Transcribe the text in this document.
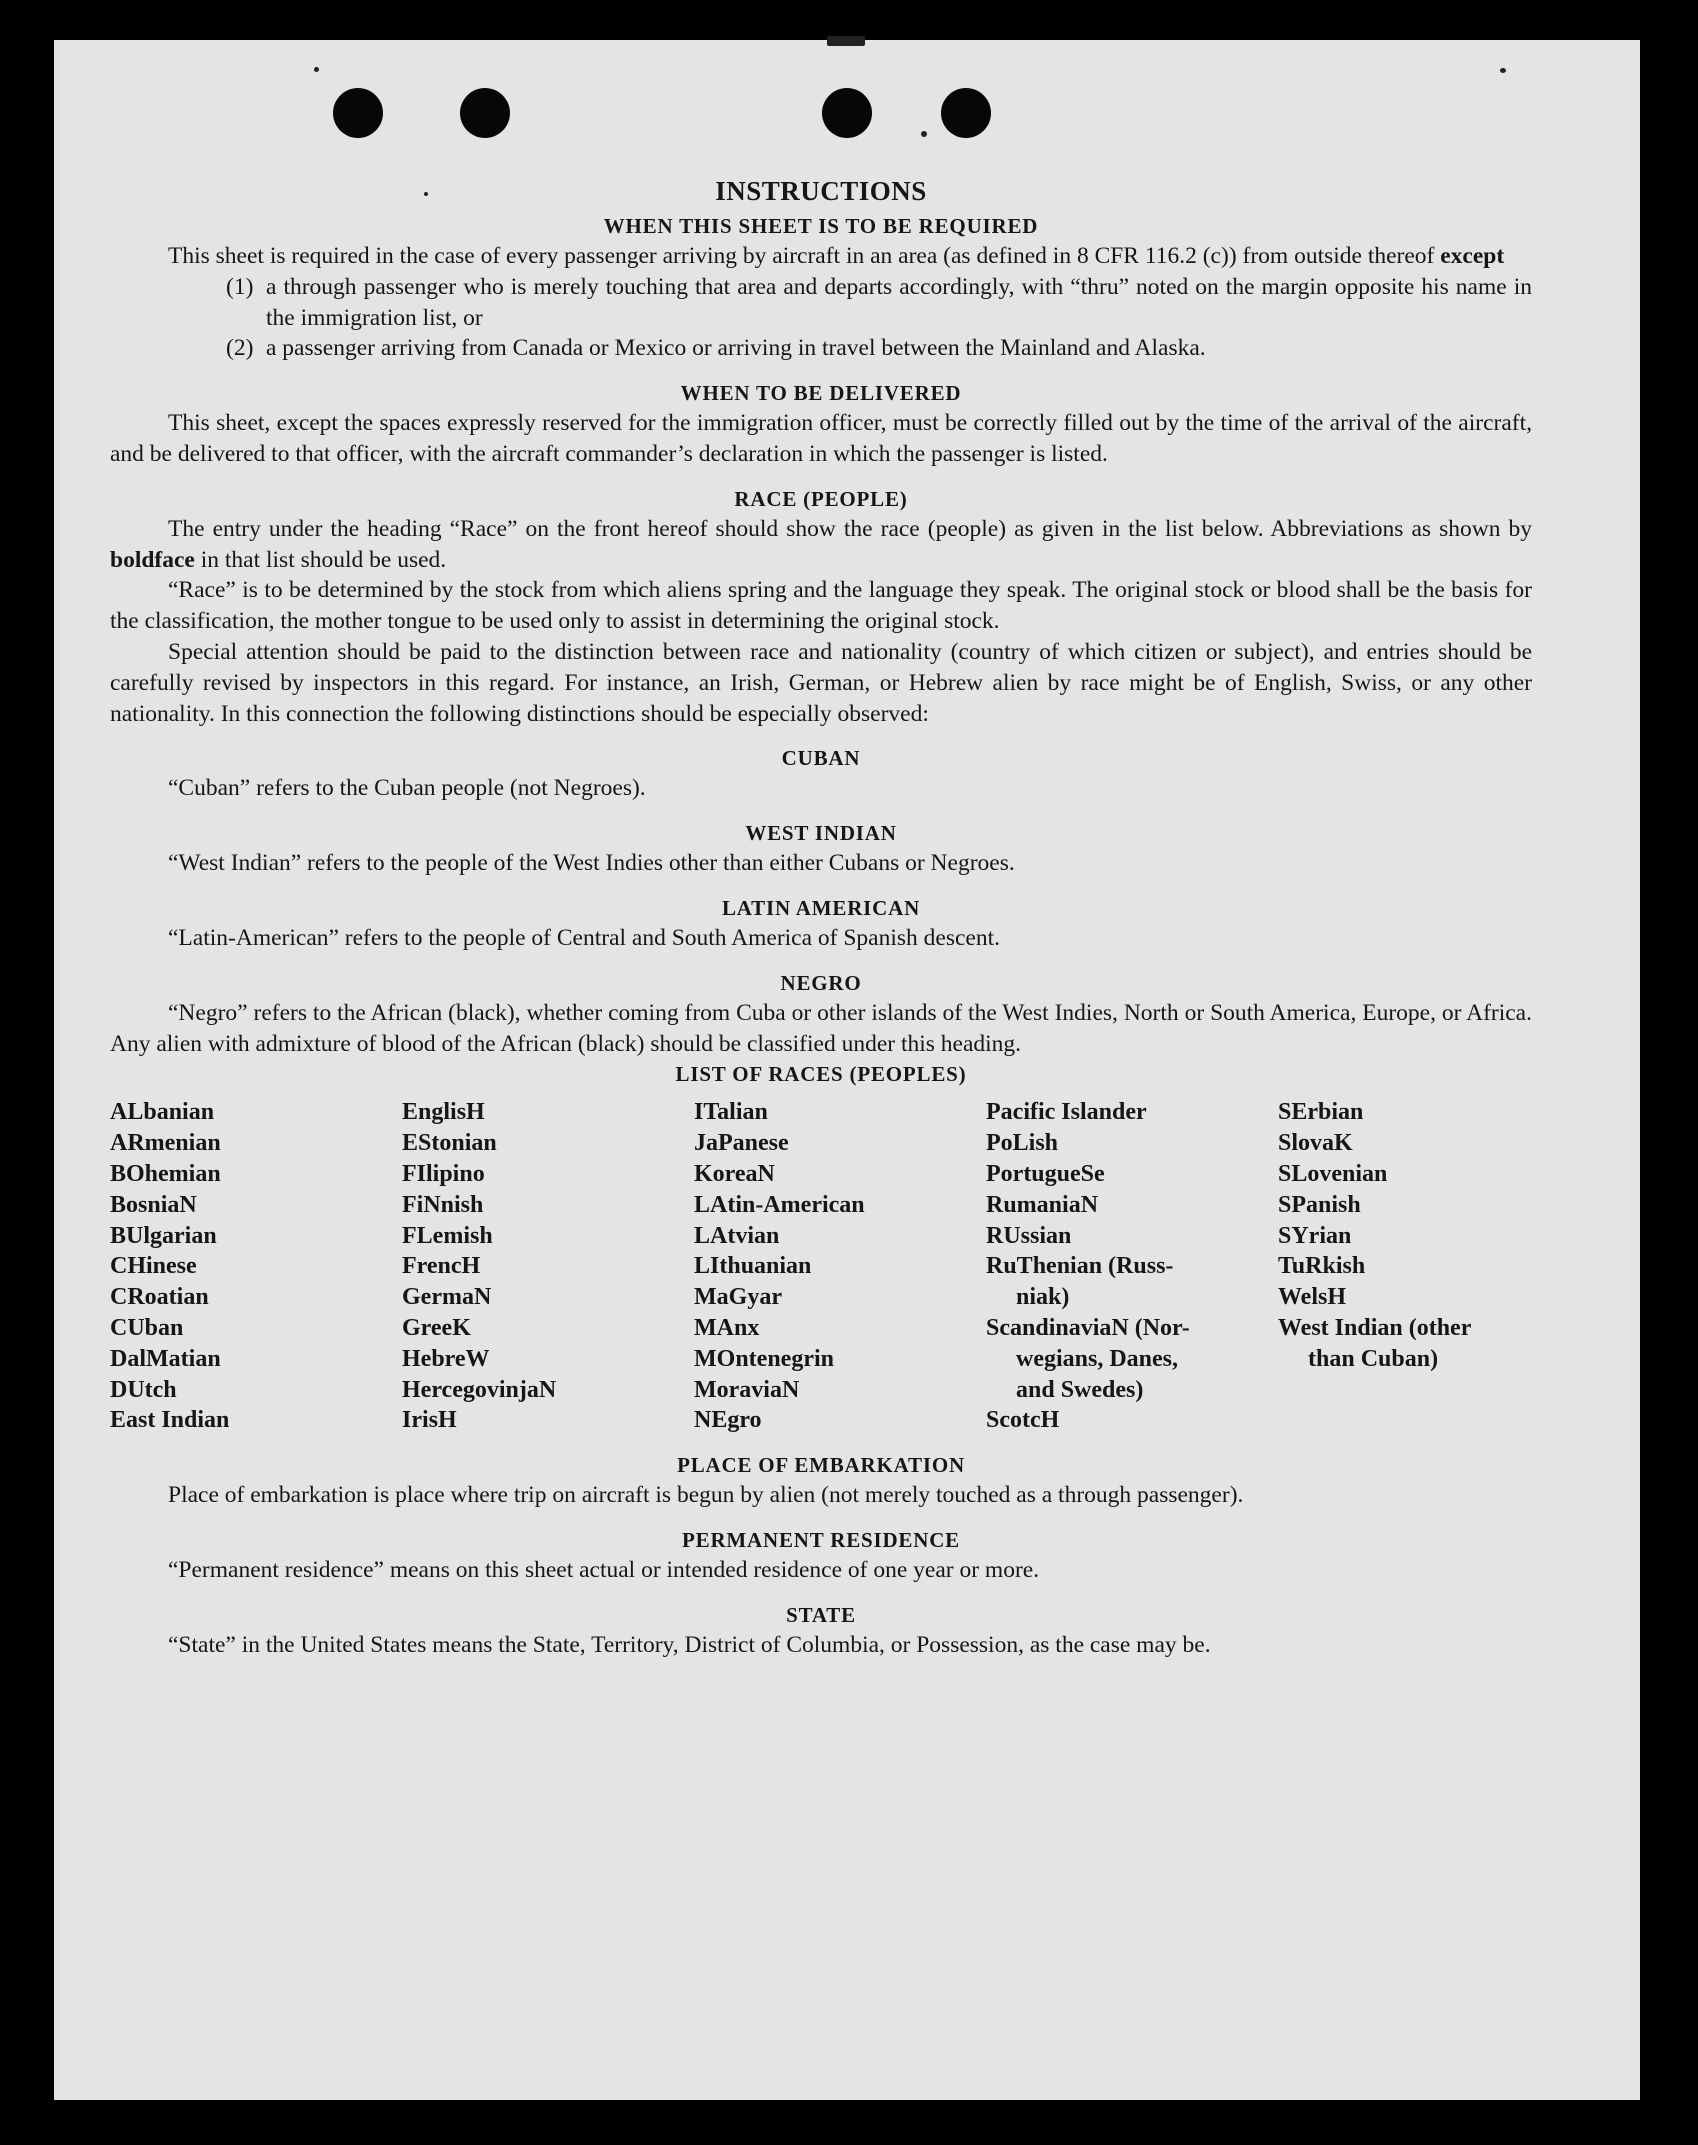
INSTRUCTIONS
WHEN THIS SHEET IS TO BE REQUIRED
This sheet is required in the case of every passenger arriving by aircraft in an area (as defined in 8 CFR 116.2 (c)) from outside thereof except
(1) a through passenger who is merely touching that area and departs accordingly, with “thru” noted on the margin opposite his name in the immigration list, or
(2) a passenger arriving from Canada or Mexico or arriving in travel between the Mainland and Alaska.
WHEN TO BE DELIVERED
This sheet, except the spaces expressly reserved for the immigration officer, must be correctly filled out by the time of the arrival of the aircraft, and be delivered to that officer, with the aircraft commander’s declaration in which the passenger is listed.
RACE (PEOPLE)
The entry under the heading “Race” on the front hereof should show the race (people) as given in the list below. Abbreviations as shown by boldface in that list should be used.
“Race” is to be determined by the stock from which aliens spring and the language they speak. The original stock or blood shall be the basis for the classification, the mother tongue to be used only to assist in determining the original stock.
Special attention should be paid to the distinction between race and nationality (country of which citizen or subject), and entries should be carefully revised by inspectors in this regard. For instance, an Irish, German, or Hebrew alien by race might be of English, Swiss, or any other nationality. In this connection the following distinctions should be especially observed:
CUBAN
“Cuban” refers to the Cuban people (not Negroes).
WEST INDIAN
“West Indian” refers to the people of the West Indies other than either Cubans or Negroes.
LATIN AMERICAN
“Latin-American” refers to the people of Central and South America of Spanish descent.
NEGRO
“Negro” refers to the African (black), whether coming from Cuba or other islands of the West Indies, North or South America, Europe, or Africa. Any alien with admixture of blood of the African (black) should be classified under this heading.
LIST OF RACES (PEOPLES)
ALbanian
ARmenian
BOhemian
BosniaN
BUlgarian
CHinese
CRoatian
CUban
DalMatian
DUtch
East Indian
EnglisH
EStonian
FIlipino
FiNnish
FLemish
FrencH
GermaN
GreeK
HebreW
HercegovinjaN
IrisH
ITalian
JaPanese
KoreaN
LAtin-American
LAtvian
LIthuanian
MaGyar
MAnx
MOntenegrin
MoraviaN
NEgro
Pacific Islander
PoLish
PortugueSe
RumaniaN
RUssian
RuThenian (Russ-
niak)
ScandinaviaN (Nor-
wegians, Danes,
and Swedes)
ScotcH
SErbian
SlovaK
SLovenian
SPanish
SYrian
TuRkish
WelsH
West Indian (other
than Cuban)
PLACE OF EMBARKATION
Place of embarkation is place where trip on aircraft is begun by alien (not merely touched as a through passenger).
PERMANENT RESIDENCE
“Permanent residence” means on this sheet actual or intended residence of one year or more.
STATE
“State” in the United States means the State, Territory, District of Columbia, or Possession, as the case may be.
